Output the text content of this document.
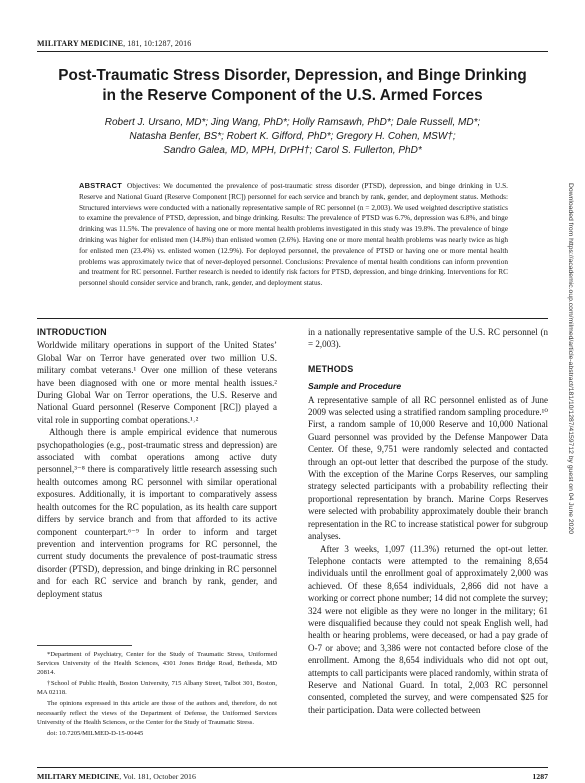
MILITARY MEDICINE, 181, 10:1287, 2016
Post-Traumatic Stress Disorder, Depression, and Binge Drinking
in the Reserve Component of the U.S. Armed Forces
Robert J. Ursano, MD*; Jing Wang, PhD*; Holly Ramsawh, PhD*; Dale Russell, MD*;
Natasha Benfer, BS*; Robert K. Gifford, PhD*; Gregory H. Cohen, MSW†;
Sandro Galea, MD, MPH, DrPH†; Carol S. Fullerton, PhD*
ABSTRACT Objectives: We documented the prevalence of post-traumatic stress disorder (PTSD), depression, and binge drinking in U.S. Reserve and National Guard (Reserve Component [RC]) personnel for each service and branch by rank, gender, and deployment status. Methods: Structured interviews were conducted with a nationally representative sample of RC personnel (n = 2,003). We used weighted descriptive statistics to examine the prevalence of PTSD, depression, and binge drinking. Results: The prevalence of PTSD was 6.7%, depression was 6.8%, and binge drinking was 11.5%. The prevalence of having one or more mental health problems investigated in this study was 19.8%. The prevalence of binge drinking was higher for enlisted men (14.8%) than enlisted women (2.6%). Having one or more mental health problems was nearly twice as high for enlisted men (23.4%) vs. enlisted women (12.9%). For deployed personnel, the prevalence of PTSD or having one or more mental health problems was approximately twice that of never-deployed personnel. Conclusions: Prevalence of mental health conditions can inform prevention and treatment for RC personnel. Further research is needed to identify risk factors for PTSD, depression, and binge drinking. Interventions for RC personnel should consider service and branch, rank, gender, and deployment status.	Downloaded from https://academic.oup.com/milmed/article-abstract/181/10/1287/4159712 by guest on 04 June 2020
INTRODUCTION

Worldwide military operations in support of the United States’ Global War on Terror have generated over two million U.S. military combat veterans.¹ Over one million of these veterans have been diagnosed with one or more mental health issues.² During Global War on Terror operations, the U.S. Reserve and National Guard personnel (Reserve Component [RC]) played a vital role in supporting combat operations.¹˒²

Although there is ample empirical evidence that numerous psychopathologies (e.g., post-traumatic stress and depression) are associated with combat operations among active duty personnel,³⁻⁸ there is comparatively little research assessing such health outcomes among RC personnel with similar operational exposures. Additionally, it is important to comparatively assess health outcomes for the RC population, as its health care support differs by service branch and from that afforded to its active component counterpart.⁶⁻⁹ In order to inform and target prevention and intervention programs for RC personnel, the current study documents the prevalence of post-traumatic stress disorder (PTSD), depression, and binge drinking in RC personnel and for each RC service and branch by rank, gender, and deployment status

*Department of Psychiatry, Center for the Study of Traumatic Stress, Uniformed Services University of the Health Sciences, 4301 Jones Bridge Road, Bethesda, MD 20814.

†School of Public Health, Boston University, 715 Albany Street, Talbot 301, Boston, MA 02118.

The opinions expressed in this article are those of the authors and, therefore, do not necessarily reflect the views of the Department of Defense, the Uniformed Services University of the Health Sciences, or the Center for the Study of Traumatic Stress.

doi: 10.7205/MILMED-D-15-00445

in a nationally representative sample of the U.S. RC personnel (n = 2,003).

METHODS
Sample and Procedure

A representative sample of all RC personnel enlisted as of June 2009 was selected using a stratified random sampling procedure.¹⁰ First, a random sample of 10,000 Reserve and 10,000 National Guard personnel was provided by the Defense Manpower Data Center. Of these, 9,751 were randomly selected and contacted through an opt-out letter that described the purpose of the study. With the exception of the Marine Corps Reserves, our sampling strategy selected participants with a probability reflecting their proportional representation by branch. Marine Corps Reserves were selected with probability approximately double their branch representation in the RC to increase statistical power for subgroup analyses.

After 3 weeks, 1,097 (11.3%) returned the opt-out letter. Telephone contacts were attempted to the remaining 8,654 individuals until the enrollment goal of approximately 2,000 was achieved. Of these 8,654 individuals, 2,866 did not have a working or correct phone number; 14 did not complete the survey; 324 were not eligible as they were no longer in the military; 61 were disqualified because they could not speak English well, had health or hearing problems, were deceased, or had a pay grade of O-7 or above; and 3,386 were not contacted before close of the enrollment. Among the 8,654 individuals who did not opt out, attempts to call participants were placed randomly, within strata of Reserve and National Guard. In total, 2,003 RC personnel consented, completed the survey, and were compensated $25 for their participation. Data were collected between

MILITARY MEDICINE, Vol. 181, October 2016	1287
